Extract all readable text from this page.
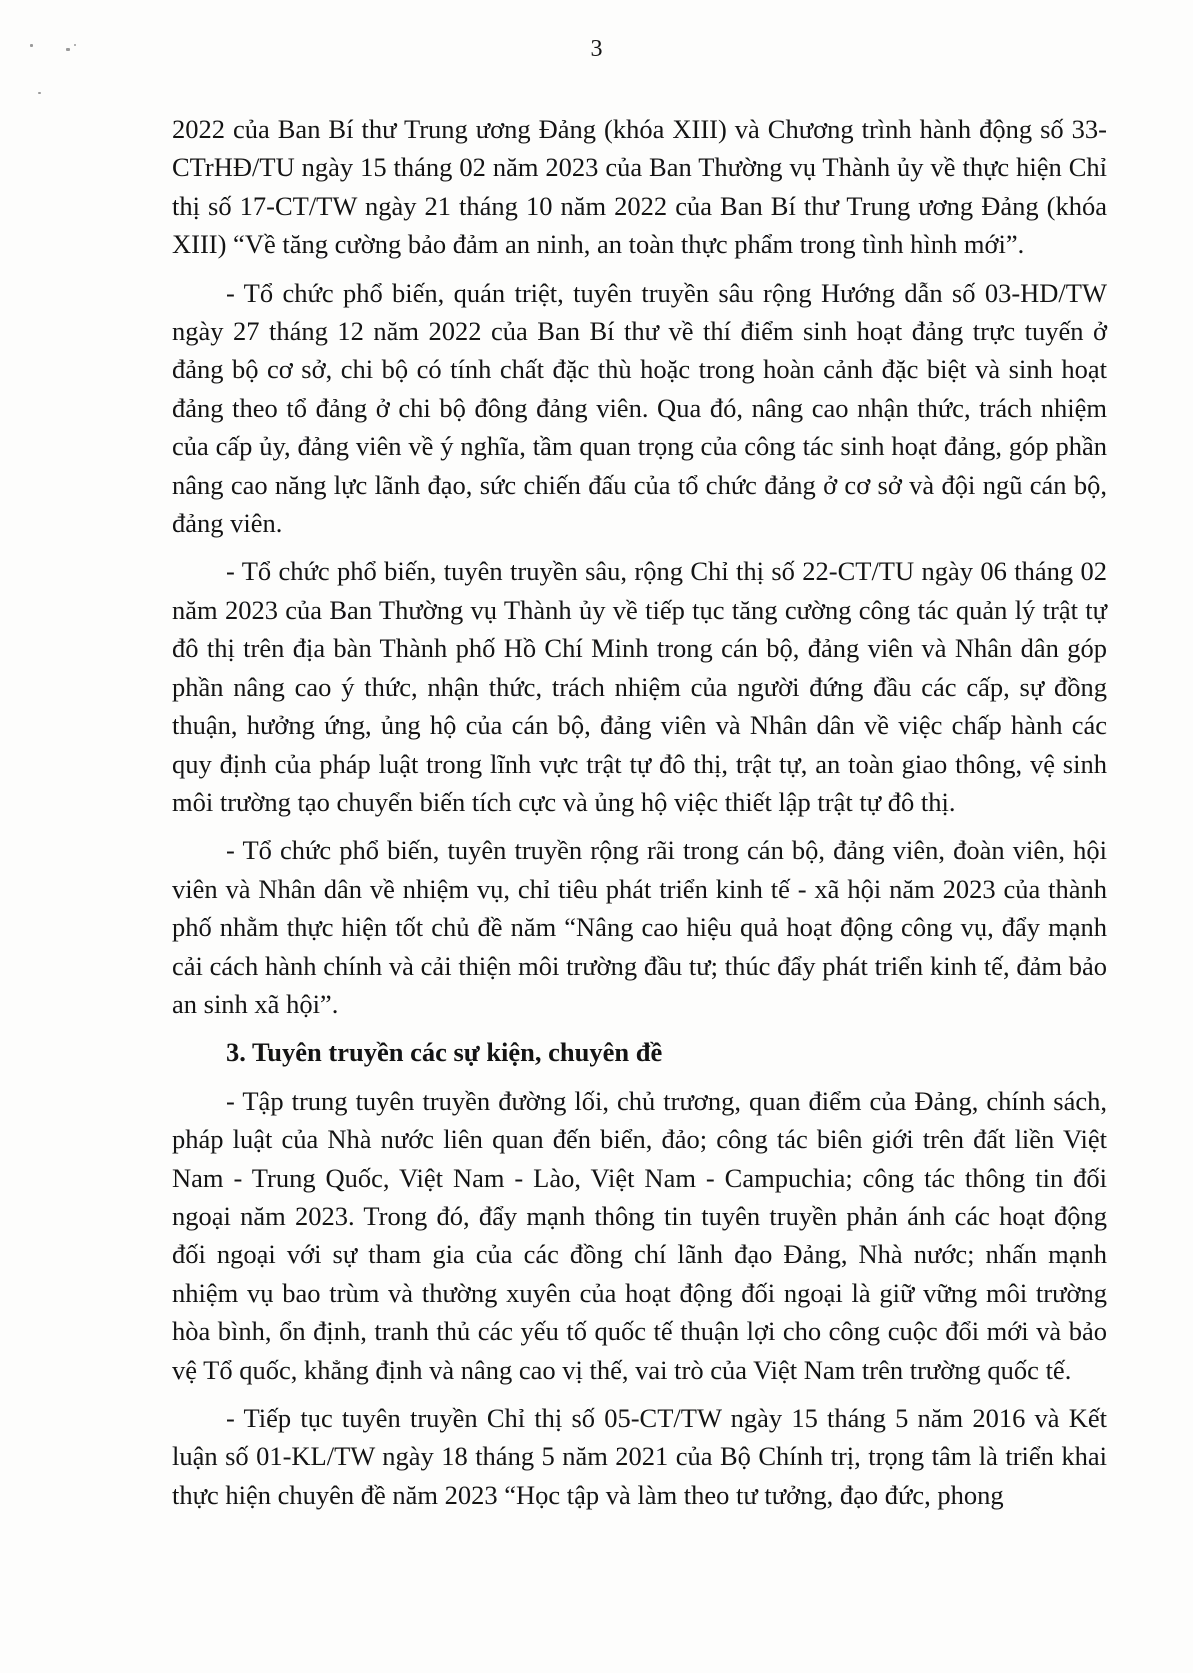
3

2022 của Ban Bí thư Trung ương Đảng (khóa XIII) và Chương trình hành động số 33-CTrHĐ/TU ngày 15 tháng 02 năm 2023 của Ban Thường vụ Thành ủy về thực hiện Chỉ thị số 17-CT/TW ngày 21 tháng 10 năm 2022 của Ban Bí thư Trung ương Đảng (khóa XIII) “Về tăng cường bảo đảm an ninh, an toàn thực phẩm trong tình hình mới”.

- Tổ chức phổ biến, quán triệt, tuyên truyền sâu rộng Hướng dẫn số 03-HD/TW ngày 27 tháng 12 năm 2022 của Ban Bí thư về thí điểm sinh hoạt đảng trực tuyến ở đảng bộ cơ sở, chi bộ có tính chất đặc thù hoặc trong hoàn cảnh đặc biệt và sinh hoạt đảng theo tổ đảng ở chi bộ đông đảng viên. Qua đó, nâng cao nhận thức, trách nhiệm của cấp ủy, đảng viên về ý nghĩa, tầm quan trọng của công tác sinh hoạt đảng, góp phần nâng cao năng lực lãnh đạo, sức chiến đấu của tổ chức đảng ở cơ sở và đội ngũ cán bộ, đảng viên.

- Tổ chức phổ biến, tuyên truyền sâu, rộng Chỉ thị số 22-CT/TU ngày 06 tháng 02 năm 2023 của Ban Thường vụ Thành ủy về tiếp tục tăng cường công tác quản lý trật tự đô thị trên địa bàn Thành phố Hồ Chí Minh trong cán bộ, đảng viên và Nhân dân góp phần nâng cao ý thức, nhận thức, trách nhiệm của người đứng đầu các cấp, sự đồng thuận, hưởng ứng, ủng hộ của cán bộ, đảng viên và Nhân dân về việc chấp hành các quy định của pháp luật trong lĩnh vực trật tự đô thị, trật tự, an toàn giao thông, vệ sinh môi trường tạo chuyển biến tích cực và ủng hộ việc thiết lập trật tự đô thị.

- Tổ chức phổ biến, tuyên truyền rộng rãi trong cán bộ, đảng viên, đoàn viên, hội viên và Nhân dân về nhiệm vụ, chỉ tiêu phát triển kinh tế - xã hội năm 2023 của thành phố nhằm thực hiện tốt chủ đề năm “Nâng cao hiệu quả hoạt động công vụ, đẩy mạnh cải cách hành chính và cải thiện môi trường đầu tư; thúc đẩy phát triển kinh tế, đảm bảo an sinh xã hội”.

3. Tuyên truyền các sự kiện, chuyên đề

- Tập trung tuyên truyền đường lối, chủ trương, quan điểm của Đảng, chính sách, pháp luật của Nhà nước liên quan đến biển, đảo; công tác biên giới trên đất liền Việt Nam - Trung Quốc, Việt Nam - Lào, Việt Nam - Campuchia; công tác thông tin đối ngoại năm 2023. Trong đó, đẩy mạnh thông tin tuyên truyền phản ánh các hoạt động đối ngoại với sự tham gia của các đồng chí lãnh đạo Đảng, Nhà nước; nhấn mạnh nhiệm vụ bao trùm và thường xuyên của hoạt động đối ngoại là giữ vững môi trường hòa bình, ổn định, tranh thủ các yếu tố quốc tế thuận lợi cho công cuộc đổi mới và bảo vệ Tổ quốc, khẳng định và nâng cao vị thế, vai trò của Việt Nam trên trường quốc tế.

- Tiếp tục tuyên truyền Chỉ thị số 05-CT/TW ngày 15 tháng 5 năm 2016 và Kết luận số 01-KL/TW ngày 18 tháng 5 năm 2021 của Bộ Chính trị, trọng tâm là triển khai thực hiện chuyên đề năm 2023 “Học tập và làm theo tư tưởng, đạo đức, phong
